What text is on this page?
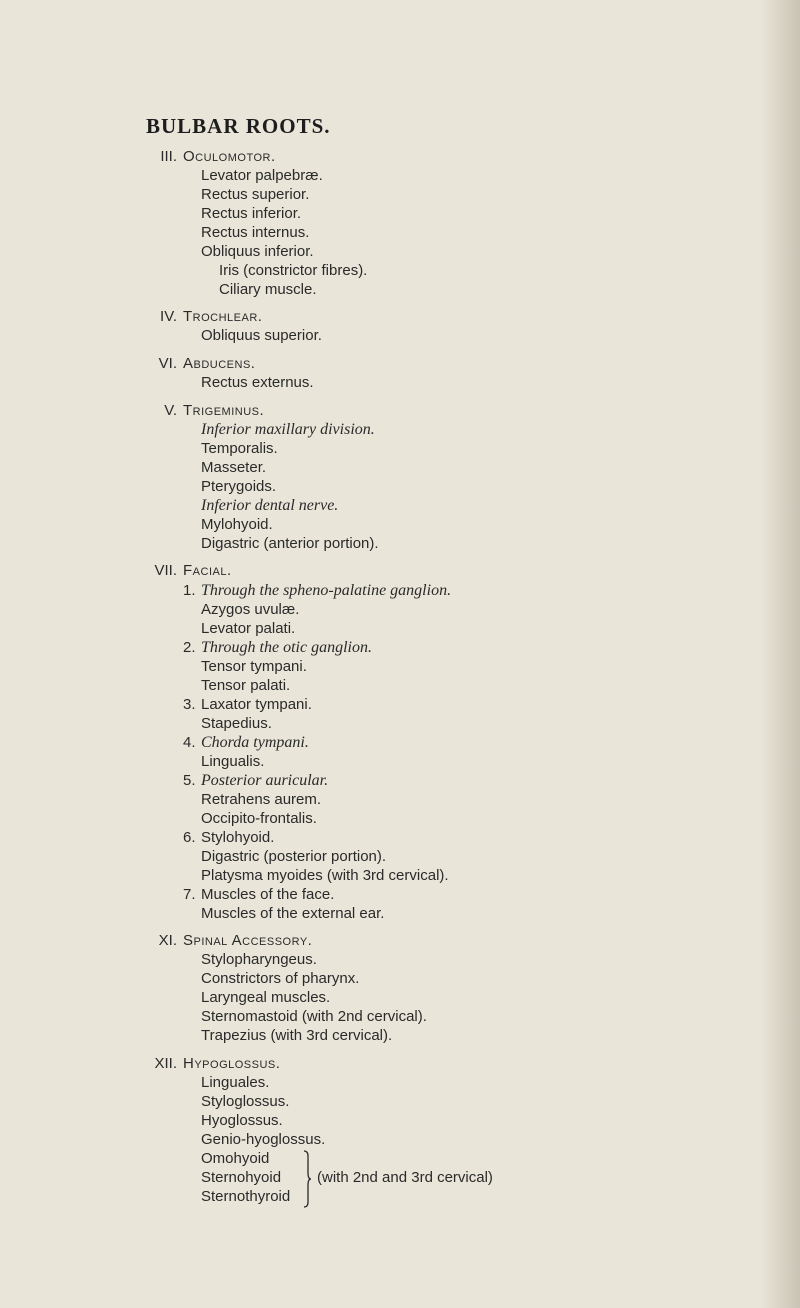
BULBAR ROOTS.
III. Oculomotor.
Levator palpebræ.
Rectus superior.
Rectus inferior.
Rectus internus.
Obliquus inferior.
Iris (constrictor fibres).
Ciliary muscle.
IV. Trochlear.
Obliquus superior.
VI. Abducens.
Rectus externus.
V. Trigeminus.
Inferior maxillary division.
Temporalis.
Masseter.
Pterygoids.
Inferior dental nerve.
Mylohyoid.
Digastric (anterior portion).
VII. Facial.
1. Through the spheno-palatine ganglion.
Azygos uvulæ.
Levator palati.
2. Through the otic ganglion.
Tensor tympani.
Tensor palati.
3. Laxator tympani.
Stapedius.
4. Chorda tympani.
Lingualis.
5. Posterior auricular.
Retrahens aurem.
Occipito-frontalis.
6. Stylohyoid.
Digastric (posterior portion).
Platysma myoides (with 3rd cervical).
7. Muscles of the face.
Muscles of the external ear.
XI. Spinal Accessory.
Stylopharyngeus.
Constrictors of pharynx.
Laryngeal muscles.
Sternomastoid (with 2nd cervical).
Trapezius (with 3rd cervical).
XII. Hypoglossus.
Linguales.
Styloglossus.
Hyoglossus.
Genio-hyoglossus.
Omohyoid
Sternohyoid
Sternothyroid
(with 2nd and 3rd cervical)
